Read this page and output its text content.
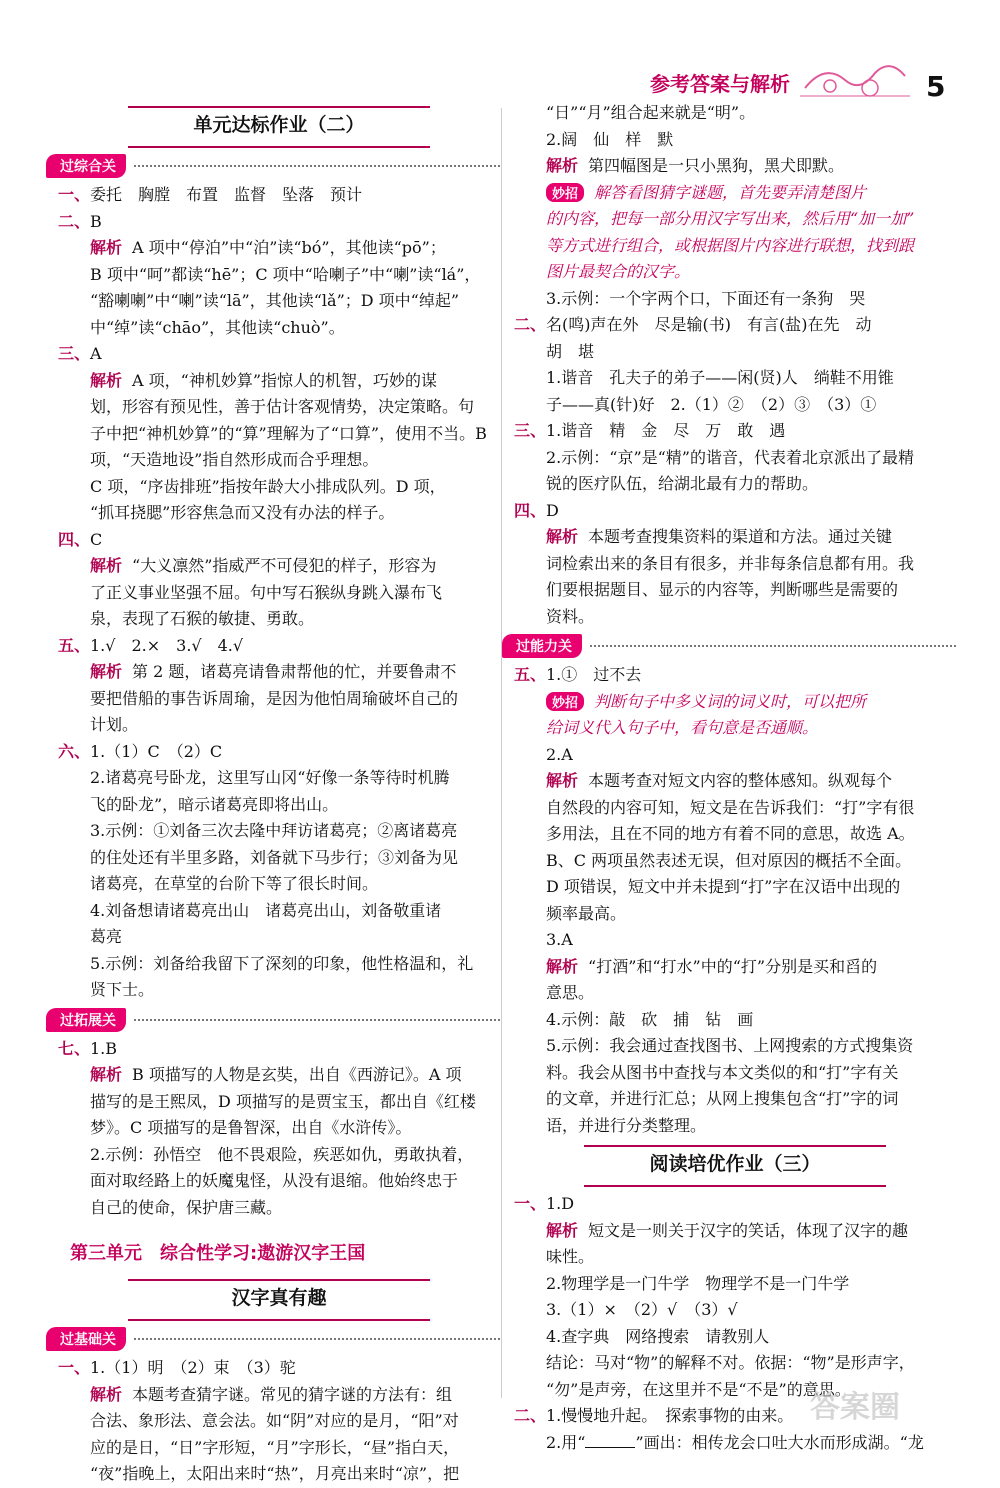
参考答案与解析	5
单元达标作业（二）
过综合关
一、委托　胸膛　布置　监督　坠落　预计
二、B
解析 A 项中“停泊”中“泊”读“bó”，其他读“pō”；
B 项中“呵”都读“hē”；C 项中“哈喇子”中“喇”读“lá”，
“豁喇喇”中“喇”读“lā”，其他读“lǎ”；D 项中“绰起”
中“绰”读“chāo”，其他读“chuò”。
三、A
解析 A 项，“神机妙算”指惊人的机智，巧妙的谋
划，形容有预见性，善于估计客观情势，决定策略。句
子中把“神机妙算”的“算”理解为了“口算”，使用不当。B 项，“天造地设”指自然形成而合乎理想。
C 项，“序齿排班”指按年龄大小排成队列。D 项，
“抓耳挠腮”形容焦急而又没有办法的样子。
四、C
解析 “大义凛然”指威严不可侵犯的样子，形容为
了正义事业坚强不屈。句中写石猴纵身跳入瀑布飞
泉，表现了石猴的敏捷、勇敢。
五、1.√　2.×　3.√　4.√
解析 第 2 题，诸葛亮请鲁肃帮他的忙，并要鲁肃不
要把借船的事告诉周瑜，是因为他怕周瑜破坏自己的
计划。
六、1.（1）C　（2）C
2.诸葛亮号卧龙，这里写山冈“好像一条等待时机腾
飞的卧龙”，暗示诸葛亮即将出山。
3.示例：①刘备三次去隆中拜访诸葛亮；②离诸葛亮
的住处还有半里多路，刘备就下马步行；③刘备为见
诸葛亮，在草堂的台阶下等了很长时间。
4.刘备想请诸葛亮出山　诸葛亮出山，刘备敬重诸
葛亮
5.示例：刘备给我留下了深刻的印象，他性格温和，礼
贤下士。
过拓展关
七、1.B
解析 B 项描写的人物是玄奘，出自《西游记》。A 项
描写的是王熙凤，D 项描写的是贾宝玉，都出自《红楼
梦》。C 项描写的是鲁智深，出自《水浒传》。
2.示例：孙悟空　他不畏艰险，疾恶如仇，勇敢执着，
面对取经路上的妖魔鬼怪，从没有退缩。他始终忠于
自己的使命，保护唐三藏。
第三单元　综合性学习:遨游汉字王国
汉字真有趣
过基础关
一、1.（1）明　（2）束　（3）驼
解析 本题考查猜字谜。常见的猜字谜的方法有：组
合法、象形法、意会法。如“阴”对应的是月，“阳”对
应的是日，“日”字形短，“月”字形长，“昼”指白天，
“夜”指晚上，太阳出来时“热”，月亮出来时“凉”，把
“日”“月”组合起来就是“明”。
2.阔　仙　样　默
解析 第四幅图是一只小黑狗，黑犬即默。
妙招 解答看图猜字谜题，首先要弄清楚图片
的内容，把每一部分用汉字写出来，然后用“加一加”
等方式进行组合，或根据图片内容进行联想，找到跟
图片最契合的汉字。
3.示例：一个字两个口，下面还有一条狗　哭
二、名(鸣)声在外　尽是输(书)　有言(盐)在先　动
胡　堪
1.谐音　孔夫子的弟子——闲(贤)人　绱鞋不用锥
子——真(针)好　2.（1）②　（2）③　（3）①
三、1.谐音　精　金　尽　万　敢　遇
2.示例：“京”是“精”的谐音，代表着北京派出了最精
锐的医疗队伍，给湖北最有力的帮助。
四、D
解析 本题考查搜集资料的渠道和方法。通过关键
词检索出来的条目有很多，并非每条信息都有用。我
们要根据题目、显示的内容等，判断哪些是需要的
资料。
过能力关
五、1.①　过不去
妙招 判断句子中多义词的词义时，可以把所
给词义代入句子中，看句意是否通顺。
2.A
解析 本题考查对短文内容的整体感知。纵观每个
自然段的内容可知，短文是在告诉我们：“打”字有很
多用法，且在不同的地方有着不同的意思，故选 A。
B、C 两项虽然表述无误，但对原因的概括不全面。
D 项错误，短文中并未提到“打”字在汉语中出现的
频率最高。
3.A
解析 “打酒”和“打水”中的“打”分别是买和舀的
意思。
4.示例：敲　砍　捕　钻　画
5.示例：我会通过查找图书、上网搜索的方式搜集资
料。我会从图书中查找与本文类似的和“打”字有关
的文章，并进行汇总；从网上搜集包含“打”字的词
语，并进行分类整理。
阅读培优作业（三）
一、1.D
解析 短文是一则关于汉字的笑话，体现了汉字的趣
味性。
2.物理学是一门牛学　物理学不是一门牛学
3.（1）×　（2）√　（3）√
4.查字典　网络搜索　请教别人
结论：马对“物”的解释不对。依据：“物”是形声字，
“勿”是声旁，在这里并不是“不是”的意思。
二、1.慢慢地升起。　探索事物的由来。
2.用“	”画出：相传龙会口吐大水而形成湖。“龙
答案圈
